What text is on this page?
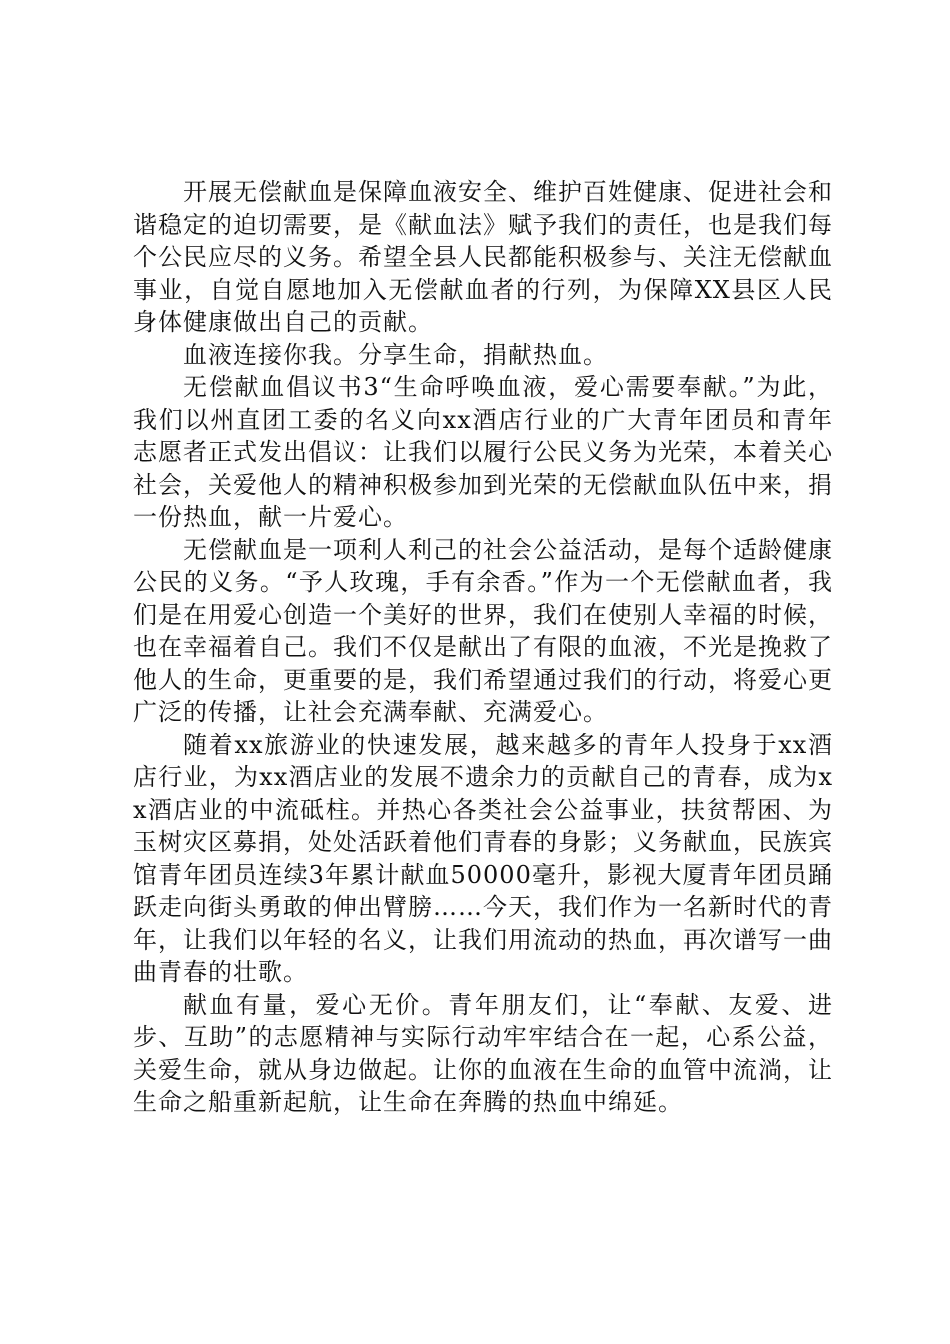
开展无偿献血是保障血液安全、维护百姓健康、促进社会和谐稳定的迫切需要，是《献血法》赋予我们的责任，也是我们每个公民应尽的义务。希望全县人民都能积极参与、关注无偿献血事业，自觉自愿地加入无偿献血者的行列，为保障XX县区人民身体健康做出自己的贡献。

血液连接你我。分享生命，捐献热血。

无偿献血倡议书3“生命呼唤血液，爱心需要奉献。”为此，我们以州直团工委的名义向xx酒店行业的广大青年团员和青年志愿者正式发出倡议：让我们以履行公民义务为光荣，本着关心社会，关爱他人的精神积极参加到光荣的无偿献血队伍中来，捐一份热血，献一片爱心。

无偿献血是一项利人利己的社会公益活动，是每个适龄健康公民的义务。“予人玫瑰，手有余香。”作为一个无偿献血者，我们是在用爱心创造一个美好的世界，我们在使别人幸福的时候，也在幸福着自己。我们不仅是献出了有限的血液，不光是挽救了他人的生命，更重要的是，我们希望通过我们的行动，将爱心更广泛的传播，让社会充满奉献、充满爱心。

随着xx旅游业的快速发展，越来越多的青年人投身于xx酒店行业，为xx酒店业的发展不遗余力的贡献自己的青春，成为xx酒店业的中流砥柱。并热心各类社会公益事业，扶贫帮困、为玉树灾区募捐，处处活跃着他们青春的身影；义务献血，民族宾馆青年团员连续3年累计献血50000毫升，影视大厦青年团员踊跃走向街头勇敢的伸出臂膀……今天，我们作为一名新时代的青年，让我们以年轻的名义，让我们用流动的热血，再次谱写一曲曲青春的壮歌。

献血有量，爱心无价。青年朋友们，让“奉献、友爱、进步、互助”的志愿精神与实际行动牢牢结合在一起，心系公益，关爱生命，就从身边做起。让你的血液在生命的血管中流淌，让生命之船重新起航，让生命在奔腾的热血中绵延。
